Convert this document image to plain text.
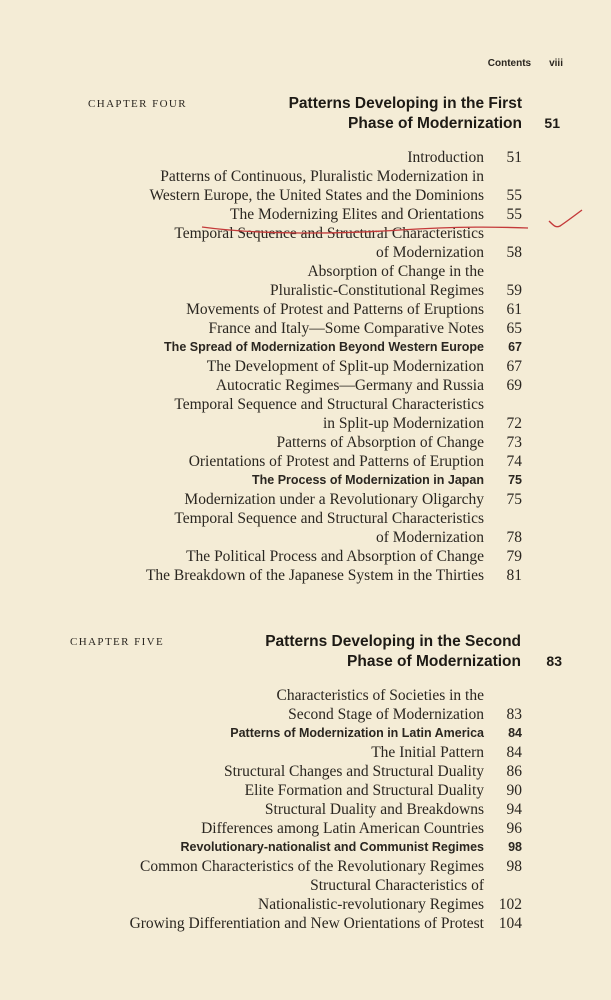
Contents viii
CHAPTER FOUR	Patterns Developing in the First
Phase of Modernization 51
Introduction	51
Patterns of Continuous, Pluralistic Modernization in
Western Europe, the United States and the Dominions	55
The Modernizing Elites and Orientations	55
Temporal Sequence and Structural Characteristics
of Modernization	58
Absorption of Change in the
Pluralistic-Constitutional Regimes	59
Movements of Protest and Patterns of Eruptions	61
France and Italy—Some Comparative Notes	65
The Spread of Modernization Beyond Western Europe	67
The Development of Split-up Modernization	67
Autocratic Regimes—Germany and Russia	69
Temporal Sequence and Structural Characteristics
in Split-up Modernization	72
Patterns of Absorption of Change	73
Orientations of Protest and Patterns of Eruption	74
The Process of Modernization in Japan	75
Modernization under a Revolutionary Oligarchy	75
Temporal Sequence and Structural Characteristics
of Modernization	78
The Political Process and Absorption of Change	79
The Breakdown of the Japanese System in the Thirties	81
CHAPTER FIVE	Patterns Developing in the Second
Phase of Modernization 83
Characteristics of Societies in the
Second Stage of Modernization	83
Patterns of Modernization in Latin America	84
The Initial Pattern	84
Structural Changes and Structural Duality	86
Elite Formation and Structural Duality	90
Structural Duality and Breakdowns	94
Differences among Latin American Countries	96
Revolutionary-nationalist and Communist Regimes	98
Common Characteristics of the Revolutionary Regimes	98
Structural Characteristics of
Nationalistic-revolutionary Regimes 102
Growing Differentiation and New Orientations of Protest 104
